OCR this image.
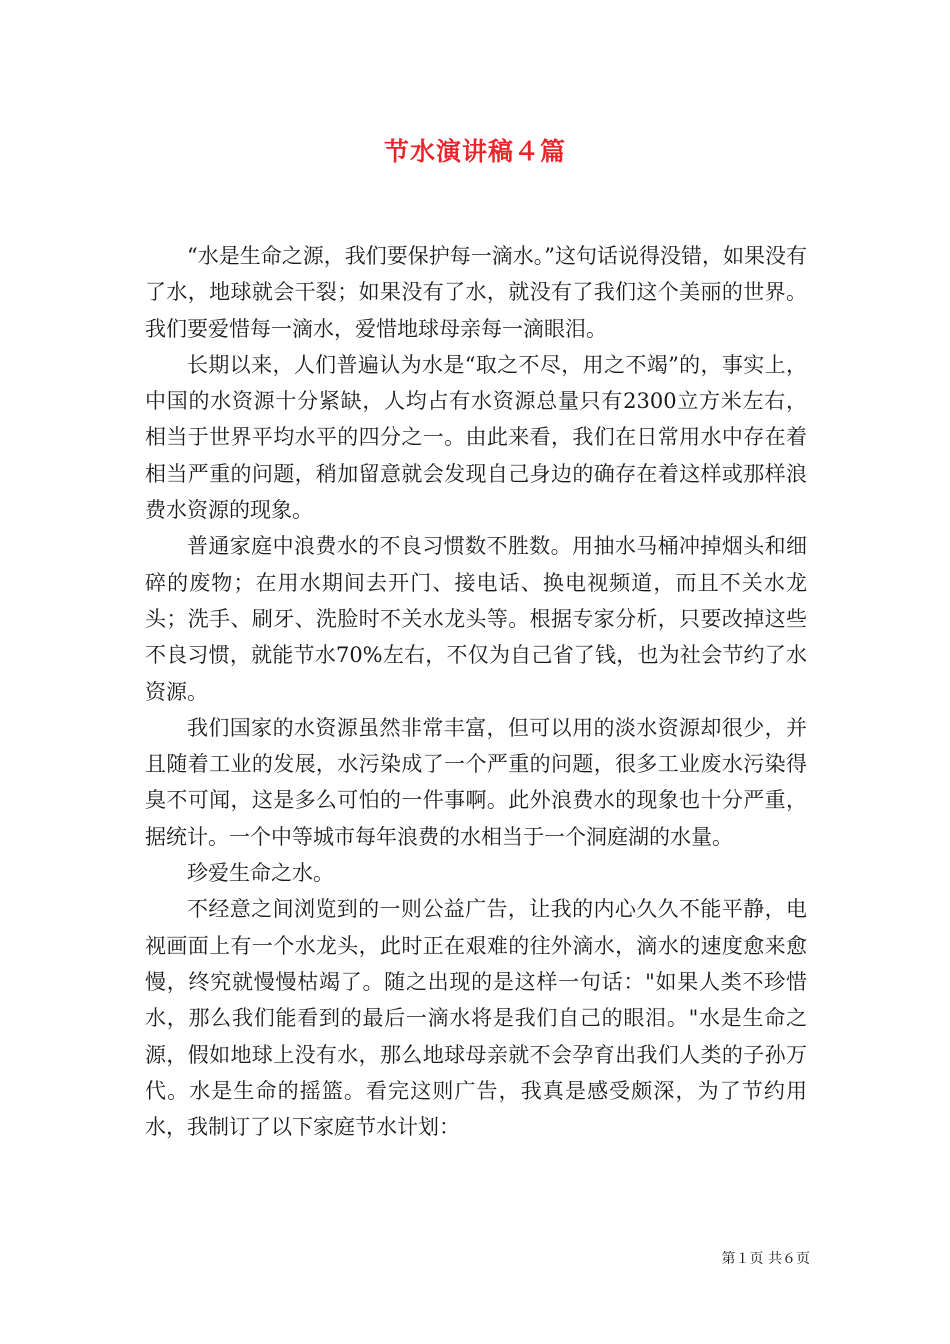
节水演讲稿４篇

“水是生命之源，我们要保护每一滴水。”这句话说得没错，如果没有了水，地球就会干裂；如果没有了水，就没有了我们这个美丽的世界。我们要爱惜每一滴水，爱惜地球母亲每一滴眼泪。

长期以来，人们普遍认为水是“取之不尽，用之不竭”的，事实上，中国的水资源十分紧缺，人均占有水资源总量只有2300立方米左右，相当于世界平均水平的四分之一。由此来看，我们在日常用水中存在着相当严重的问题，稍加留意就会发现自己身边的确存在着这样或那样浪费水资源的现象。

普通家庭中浪费水的不良习惯数不胜数。用抽水马桶冲掉烟头和细碎的废物；在用水期间去开门、接电话、换电视频道，而且不关水龙头；洗手、刷牙、洗脸时不关水龙头等。根据专家分析，只要改掉这些不良习惯，就能节水70%左右，不仅为自己省了钱，也为社会节约了水资源。

我们国家的水资源虽然非常丰富，但可以用的淡水资源却很少，并且随着工业的发展，水污染成了一个严重的问题，很多工业废水污染得臭不可闻，这是多么可怕的一件事啊。此外浪费水的现象也十分严重，据统计。一个中等城市每年浪费的水相当于一个洞庭湖的水量。

珍爱生命之水。

不经意之间浏览到的一则公益广告，让我的内心久久不能平静，电视画面上有一个水龙头，此时正在艰难的往外滴水，滴水的速度愈来愈慢，终究就慢慢枯竭了。随之出现的是这样一句话："如果人类不珍惜水，那么我们能看到的最后一滴水将是我们自己的眼泪。"水是生命之源，假如地球上没有水，那么地球母亲就不会孕育出我们人类的子孙万代。水是生命的摇篮。看完这则广告，我真是感受颇深，为了节约用水，我制订了以下家庭节水计划：

第１页 共６页
